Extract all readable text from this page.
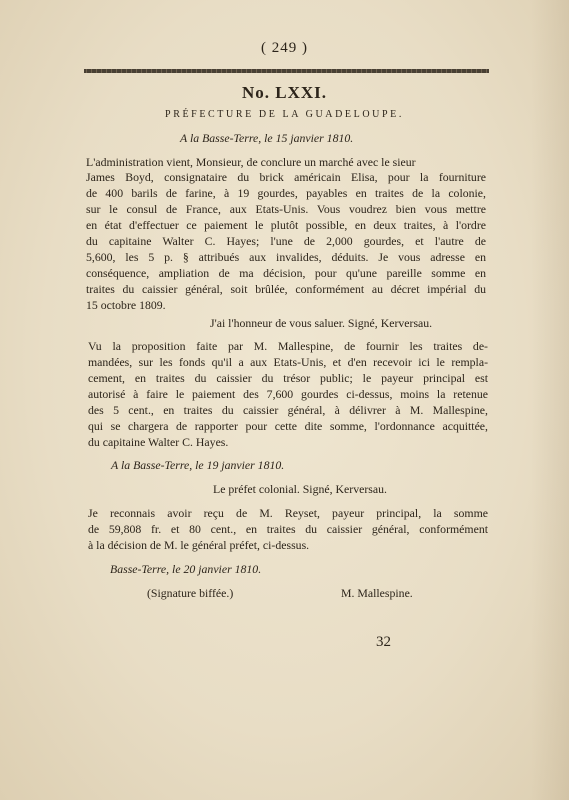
( 249 )
No. LXXI.
PRÉFECTURE DE LA GUADELOUPE.
A la Basse-Terre, le 15 janvier 1810.
L'administration vient, Monsieur, de conclure un marché avec le sieur
James Boyd, consignataire du brick américain Elisa, pour la fourniture
de 400 barils de farine, à 19 gourdes, payables en traites de la colonie,
sur le consul de France, aux Etats-Unis. Vous voudrez bien vous mettre
en état d'effectuer ce paiement le plutôt possible, en deux traites, à l'ordre
du capitaine Walter C. Hayes; l'une de 2,000 gourdes, et l'autre de
5,600, les 5 p. § attribués aux invalides, déduits. Je vous adresse en
conséquence, ampliation de ma décision, pour qu'une pareille somme en
traites du caissier général, soit brûlée, conformément au décret impérial du
15 octobre 1809.
J'ai l'honneur de vous saluer. Signé, Kerversau.
Vu la proposition faite par M. Mallespine, de fournir les traites de-
mandées, sur les fonds qu'il a aux Etats-Unis, et d'en recevoir ici le rempla-
cement, en traites du caissier du trésor public; le payeur principal est
autorisé à faire le paiement des 7,600 gourdes ci-dessus, moins la retenue
des 5 cent., en traites du caissier général, à délivrer à M. Mallespine,
qui se chargera de rapporter pour cette dite somme, l'ordonnance acquittée,
du capitaine Walter C. Hayes.
A la Basse-Terre, le 19 janvier 1810.
Le préfet colonial. Signé, Kerversau.
Je reconnais avoir reçu de M. Reyset, payeur principal, la somme
de 59,808 fr. et 80 cent., en traites du caissier général, conformément
à la décision de M. le général préfet, ci-dessus.
Basse-Terre, le 20 janvier 1810.
(Signature biffée.)	M. Mallespine.
32
